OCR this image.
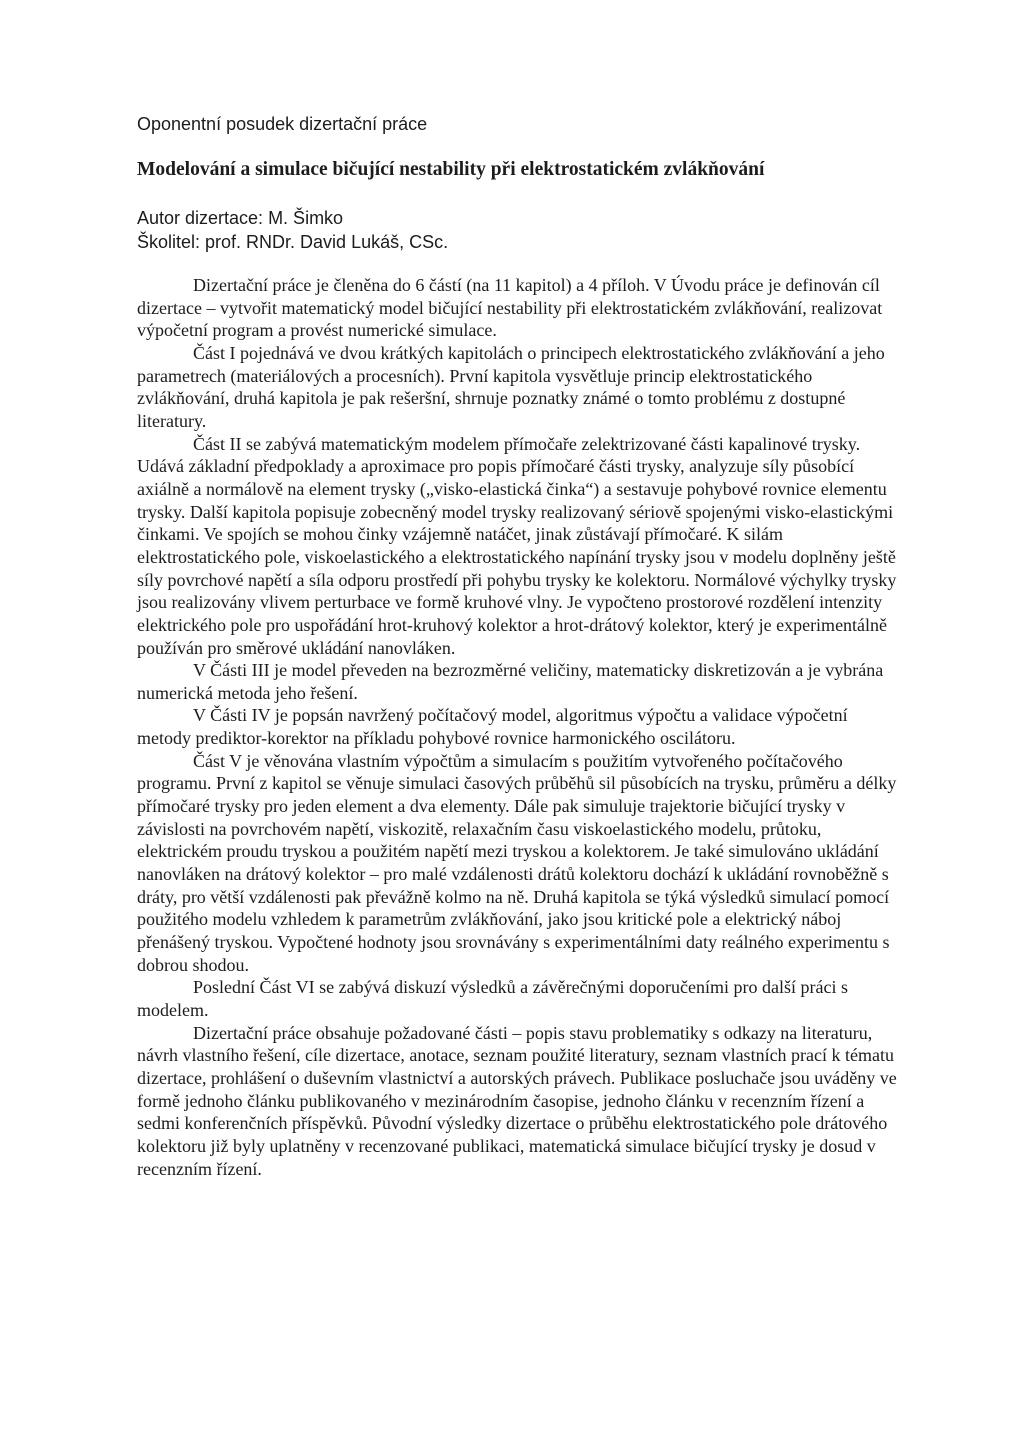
Oponentní posudek dizertační práce
Modelování a simulace bičující nestability při elektrostatickém zvlákňování
Autor dizertace: M. Šimko
Školitel: prof. RNDr. David Lukáš, CSc.

Dizertační práce je členěna do 6 částí (na 11 kapitol) a 4 příloh. V Úvodu práce je definován cíl dizertace – vytvořit matematický model bičující nestability při elektrostatickém zvlákňování, realizovat výpočetní program a provést numerické simulace.

Část I pojednává ve dvou krátkých kapitolách o principech elektrostatického zvlákňování a jeho parametrech (materiálových a procesních). První kapitola vysvětluje princip elektrostatického zvlákňování, druhá kapitola je pak rešeršní, shrnuje poznatky známé o tomto problému z dostupné literatury.

Část II se zabývá matematickým modelem přímočaře zelektrizované části kapalinové trysky. Udává základní předpoklady a aproximace pro popis přímočaré části trysky, analyzuje síly působící axiálně a normálově na element trysky („visko-elastická činka“) a sestavuje pohybové rovnice elementu trysky. Další kapitola popisuje zobecněný model trysky realizovaný sériově spojenými visko-elastickými činkami. Ve spojích se mohou činky vzájemně natáčet, jinak zůstávají přímočaré. K silám elektrostatického pole, viskoelastického a elektrostatického napínání trysky jsou v modelu doplněny ještě síly povrchové napětí a síla odporu prostředí při pohybu trysky ke kolektoru. Normálové výchylky trysky jsou realizovány vlivem perturbace ve formě kruhové vlny. Je vypočteno prostorové rozdělení intenzity elektrického pole pro uspořádání hrot-kruhový kolektor a hrot-drátový kolektor, který je experimentálně používán pro směrové ukládání nanovláken.

V Části III je model převeden na bezrozměrné veličiny, matematicky diskretizován a je vybrána numerická metoda jeho řešení.

V Části IV je popsán navržený počítačový model, algoritmus výpočtu a validace výpočetní metody prediktor-korektor na příkladu pohybové rovnice harmonického oscilátoru.

Část V je věnována vlastním výpočtům a simulacím s použitím vytvořeného počítačového programu. První z kapitol se věnuje simulaci časových průběhů sil působících na trysku, průměru a délky přímočaré trysky pro jeden element a dva elementy. Dále pak simuluje trajektorie bičující trysky v závislosti na povrchovém napětí, viskozitě, relaxačním času viskoelastického modelu, průtoku, elektrickém proudu tryskou a použitém napětí mezi tryskou a kolektorem. Je také simulováno ukládání nanovláken na drátový kolektor – pro malé vzdálenosti drátů kolektoru dochází k ukládání rovnoběžně s dráty, pro větší vzdálenosti pak převážně kolmo na ně. Druhá kapitola se týká výsledků simulací pomocí použitého modelu vzhledem k parametrům zvlákňování, jako jsou kritické pole a elektrický náboj přenášený tryskou. Vypočtené hodnoty jsou srovnávány s experimentálními daty reálného experimentu s dobrou shodou.

Poslední Část VI se zabývá diskuzí výsledků a závěrečnými doporučeními pro další práci s modelem.

Dizertační práce obsahuje požadované části – popis stavu problematiky s odkazy na literaturu, návrh vlastního řešení, cíle dizertace, anotace, seznam použité literatury, seznam vlastních prací k tématu dizertace, prohlášení o duševním vlastnictví a autorských právech. Publikace posluchače jsou uváděny ve formě jednoho článku publikovaného v mezinárodním časopise, jednoho článku v recenzním řízení a sedmi konferenčních příspěvků. Původní výsledky dizertace o průběhu elektrostatického pole drátového kolektoru již byly uplatněny v recenzované publikaci, matematická simulace bičující trysky je dosud v recenzním řízení.
